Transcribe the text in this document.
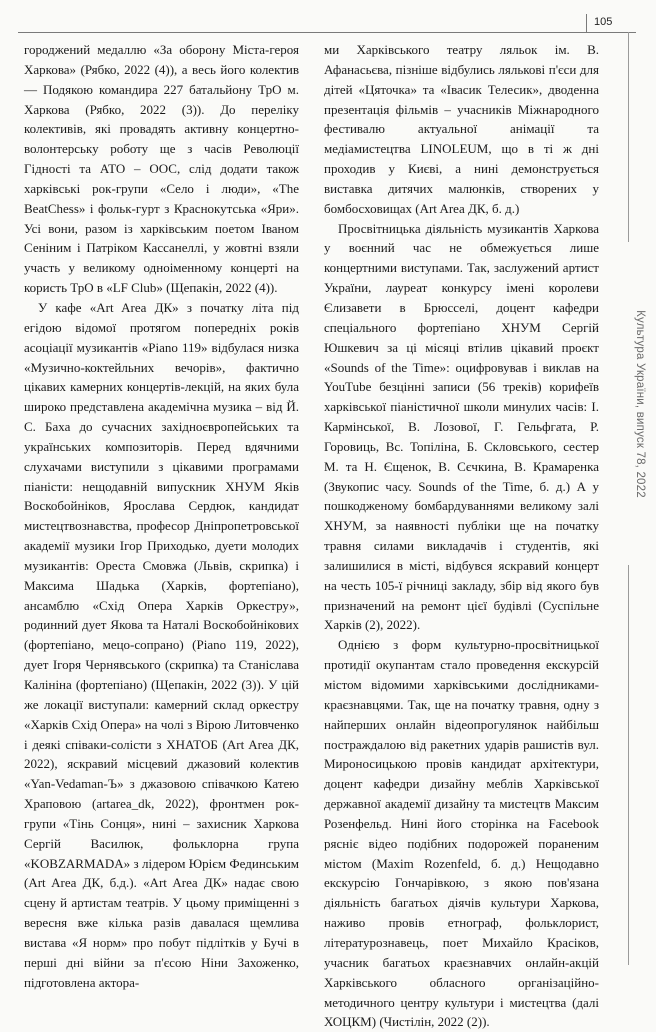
105
Культура України, випуск 78, 2022

городжений медаллю «За оборону Міста-героя Харкова» (Рябко, 2022 (4)), а весь його колектив — Подякою командира 227 батальйону ТрО м. Харкова (Рябко, 2022 (3)). До переліку колективів, які провадять активну концертно-волонтерську роботу ще з часів Революції Гідності та АТО – ООС, слід додати також харківські рок-групи «Село і люди», «The BeatChess» і фольк-гурт з Краснокутська «Яри». Усі вони, разом із харківським поетом Іваном Сеніним і Патріком Кассанеллі, у жовтні взяли участь у великому одноіменному концерті на користь ТрО в «LF Club» (Щепакін, 2022 (4)).

У кафе «Art Area ДК» з початку літа під егідою відомої протягом попередніх років асоціації музикантів «Piano 119» відбулася низка «Музично-коктейльних вечорів», фактично цікавих камерних концертів-лекцій, на яких була широко представлена академічна музика – від Й. С. Баха до сучасних західноєвропейських та українських композиторів. Перед вдячними слухачами виступили з цікавими програмами піаністи: нещодавній випускник ХНУМ Яків Воскобойніков, Ярослава Сердюк, кандидат мистецтвознавства, професор Дніпропетровської академії музики Ігор Приходько, дуети молодих музикантів: Ореста Смовжа (Львів, скрипка) і Максима Шадька (Харків, фортепіано), ансамблю «Схід Опера Харків Оркестру», родинний дует Якова та Наталі Воскобойнікових (фортепіано, мецо-сопрано) (Piano 119, 2022), дует Ігоря Чернявського (скрипка) та Станіслава Калініна (фортепіано) (Щепакін, 2022 (3)). У цій же локації виступали: камерний склад оркестру «Харків Схід Опера» на чолі з Вірою Литовченко і деякі співаки-солісти з ХНАТОБ (Art Area ДК, 2022), яскравий місцевий джазовий колектив «Yan-Vedaman-Ъ» з джазовою співачкою Катею Храповою (artarea_dk, 2022), фронтмен рок-групи «Тінь Сонця», нині – захисник Харкова Сергій Василюк, фольклорна група «KOBZARMADA» з лідером Юрієм Фединським (Art Area ДК, б.д.). «Art Area ДК» надає свою сцену й артистам театрів. У цьому приміщенні з вересня вже кілька разів давалася щемлива вистава «Я норм» про побут підлітків у Бучі в перші дні війни за п'єсою Ніни Захоженко, підготовлена актора-

ми Харківського театру ляльок ім. В. Афанасьєва, пізніше відбулись лялькові п'єси для дітей «Цяточка» та «Івасик Телесик», дводенна презентація фільмів – учасників Міжнародного фестивалю актуальної анімації та медіамистецтва LINOLEUM, що в ті ж дні проходив у Києві, а нині демонструється виставка дитячих малюнків, створених у бомбосховищах (Art Area ДК, б. д.)

Просвітницька діяльність музикантів Харкова у воєнний час не обмежується лише концертними виступами. Так, заслужений артист України, лауреат конкурсу імені королеви Єлизавети в Брюсселі, доцент кафедри спеціального фортепіано ХНУМ Сергій Юшкевич за ці місяці втілив цікавий проєкт «Sounds of the Time»: оцифровував і виклав на YouTube безцінні записи (56 треків) корифеїв харківської піаністичної школи минулих часів: І. Кармінської, В. Лозової, Г. Гельфгата, Р. Горовиць, Вс. Топіліна, Б. Скловського, сестер М. та Н. Єщенок, В. Сєчкина, В. Крамаренка (Звукопис часу. Sounds of the Time, б. д.) А у пошкодженому бомбардуваннями великому залі ХНУМ, за наявності публіки ще на початку травня силами викладачів і студентів, які залишилися в місті, відбувся яскравий концерт на честь 105-ї річниці закладу, збір від якого був призначений на ремонт цієї будівлі (Суспільне Харків (2), 2022).

Однією з форм культурно-просвітницької протидії окупантам стало проведення екскурсій містом відомими харківськими дослідниками-краєзнавцями. Так, ще на початку травня, одну з найперших онлайн відеопрогулянок найбільш постраждалою від ракетних ударів рашистів вул. Мироносицькою провів кандидат архітектури, доцент кафедри дизайну меблів Харківської державної академії дизайну та мистецтв Максим Розенфельд. Нині його сторінка на Facebook рясніє відео подібних подорожей пораненим містом (Maxim Rozenfeld, б. д.) Нещодавно екскурсію Гончарівкою, з якою пов'язана діяльність багатьох діячів культури Харкова, наживо провів етнограф, фольклорист, літературознавець, поет Михайло Красіков, учасник багатьох краєзнавчих онлайн-акцій Харківського обласного організаційно-методичного центру культури і мистецтва (далі ХОЦКМ) (Чистілін, 2022 (2)).
